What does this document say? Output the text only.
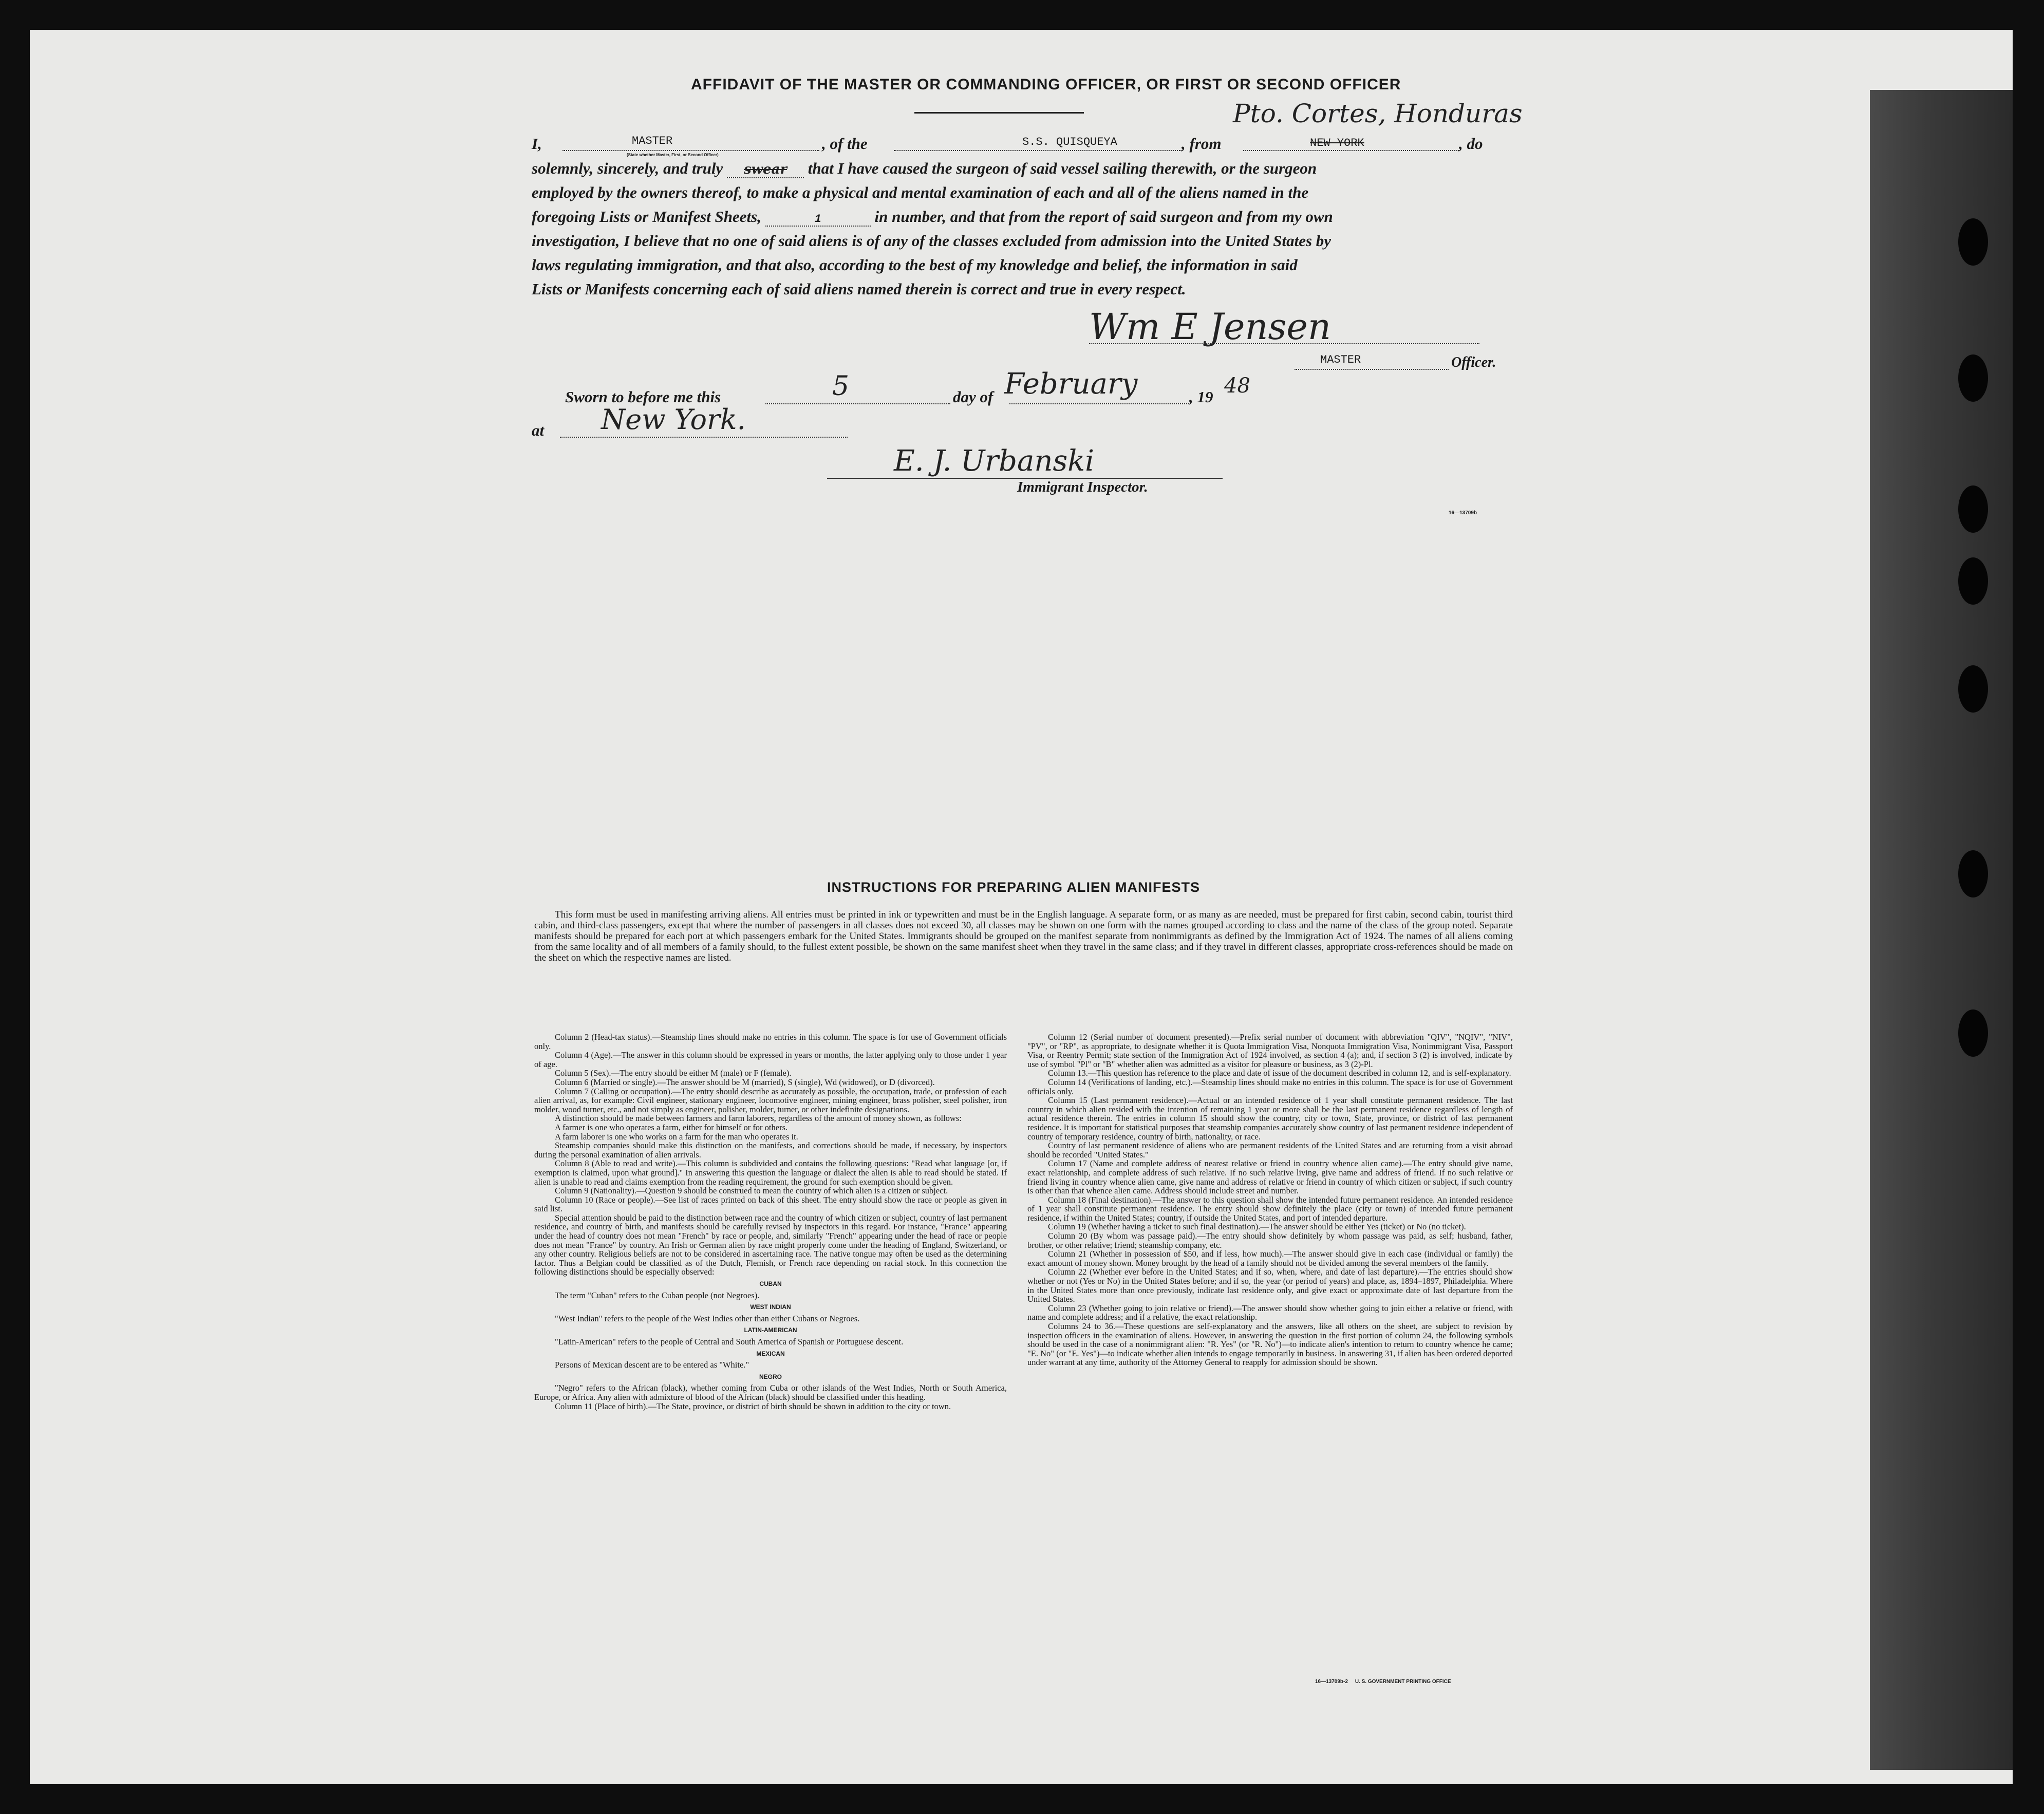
AFFIDAVIT OF THE MASTER OR COMMANDING OFFICER, OR FIRST OR SECOND OFFICER
I,	MASTER
(State whether Master, First, or Second Officer)
, of the	S.S. QUISQUEYA	, from	NEW YORK
Pto. Cortes, Honduras
, do
solemnly, sincerely, and truly swear that I have caused the surgeon of said vessel sailing therewith, or the surgeon
employed by the owners thereof, to make a physical and mental examination of each and all of the aliens named in the
foregoing Lists or Manifest Sheets,	1	in number, and that from the report of said surgeon and from my own
investigation, I believe that no one of said aliens is of any of the classes excluded from admission into the United States by
laws regulating immigration, and that also, according to the best of my knowledge and belief, the information in said
Lists or Manifests concerning each of said aliens named therein is correct and true in every respect.
Wm E Jensen
MASTER	Officer.
Sworn to before me this	5	day of February	, 19 48
at New York.
E. J. Urbanski
Immigrant Inspector.
16—13709b
INSTRUCTIONS FOR PREPARING ALIEN MANIFESTS

This form must be used in manifesting arriving aliens. All entries must be printed in ink or typewritten and must be in the English language. A separate form, or as many as are needed, must be prepared for first cabin, second cabin, tourist third cabin, and third-class passengers, except that where the number of passengers in all classes does not exceed 30, all classes may be shown on one form with the names grouped according to class and the name of the class of the group noted. Separate manifests should be prepared for each port at which passengers embark for the United States. Immigrants should be grouped on the manifest separate from nonimmigrants as defined by the Immigration Act of 1924. The names of all aliens coming from the same locality and of all members of a family should, to the fullest extent possible, be shown on the same manifest sheet when they travel in the same class; and if they travel in different classes, appropriate cross-references should be made on the sheet on which the respective names are listed.

Column 2 (Head-tax status).—Steamship lines should make no entries in this column. The space is for use of Government officials only.

Column 4 (Age).—The answer in this column should be expressed in years or months, the latter applying only to those under 1 year of age.

Column 5 (Sex).—The entry should be either M (male) or F (female).

Column 6 (Married or single).—The answer should be M (married), S (single), Wd (widowed), or D (divorced).

Column 7 (Calling or occupation).—The entry should describe as accurately as possible, the occupation, trade, or profession of each alien arrival, as, for example: Civil engineer, stationary engineer, locomotive engineer, mining engineer, brass polisher, steel polisher, iron molder, wood turner, etc., and not simply as engineer, polisher, molder, turner, or other indefinite designations.

A distinction should be made between farmers and farm laborers, regardless of the amount of money shown, as follows:

A farmer is one who operates a farm, either for himself or for others.

A farm laborer is one who works on a farm for the man who operates it.

Steamship companies should make this distinction on the manifests, and corrections should be made, if necessary, by inspectors during the personal examination of alien arrivals.

Column 8 (Able to read and write).—This column is subdivided and contains the following questions: "Read what language [or, if exemption is claimed, upon what ground]." In answering this question the language or dialect the alien is able to read should be stated. If alien is unable to read and claims exemption from the reading requirement, the ground for such exemption should be given.

Column 9 (Nationality).—Question 9 should be construed to mean the country of which alien is a citizen or subject.

Column 10 (Race or people).—See list of races printed on back of this sheet. The entry should show the race or people as given in said list.

Special attention should be paid to the distinction between race and the country of which citizen or subject, country of last permanent residence, and country of birth, and manifests should be carefully revised by inspectors in this regard. For instance, "France" appearing under the head of country does not mean "French" by race or people, and, similarly "French" appearing under the head of race or people does not mean "France" by country. An Irish or German alien by race might properly come under the heading of England, Switzerland, or any other country. Religious beliefs are not to be considered in ascertaining race. The native tongue may often be used as the determining factor. Thus a Belgian could be classified as of the Dutch, Flemish, or French race depending on racial stock. In this connection the following distinctions should be especially observed:

CUBAN

The term "Cuban" refers to the Cuban people (not Negroes).

WEST INDIAN

"West Indian" refers to the people of the West Indies other than either Cubans or Negroes.

LATIN-AMERICAN

"Latin-American" refers to the people of Central and South America of Spanish or Portuguese descent.

MEXICAN

Persons of Mexican descent are to be entered as "White."

NEGRO

"Negro" refers to the African (black), whether coming from Cuba or other islands of the West Indies, North or South America, Europe, or Africa. Any alien with admixture of blood of the African (black) should be classified under this heading.

Column 11 (Place of birth).—The State, province, or district of birth should be shown in addition to the city or town.

Column 12 (Serial number of document presented).—Prefix serial number of document with abbreviation "QIV", "NQIV", "NIV", "PV", or "RP", as appropriate, to designate whether it is Quota Immigration Visa, Nonquota Immigration Visa, Nonimmigrant Visa, Passport Visa, or Reentry Permit; state section of the Immigration Act of 1924 involved, as section 4 (a); and, if section 3 (2) is involved, indicate by use of symbol "Pl" or "B" whether alien was admitted as a visitor for pleasure or business, as 3 (2)-Pl.

Column 13.—This question has reference to the place and date of issue of the document described in column 12, and is self-explanatory.

Column 14 (Verifications of landing, etc.).—Steamship lines should make no entries in this column. The space is for use of Government officials only.

Column 15 (Last permanent residence).—Actual or an intended residence of 1 year shall constitute permanent residence. The last country in which alien resided with the intention of remaining 1 year or more shall be the last permanent residence regardless of length of actual residence therein. The entries in column 15 should show the country, city or town, State, province, or district of last permanent residence. It is important for statistical purposes that steamship companies accurately show country of last permanent residence independent of country of temporary residence, country of birth, nationality, or race.

Country of last permanent residence of aliens who are permanent residents of the United States and are returning from a visit abroad should be recorded "United States."

Column 17 (Name and complete address of nearest relative or friend in country whence alien came).—The entry should give name, exact relationship, and complete address of such relative. If no such relative living, give name and address of friend. If no such relative or friend living in country whence alien came, give name and address of relative or friend in country of which citizen or subject, if such country is other than that whence alien came. Address should include street and number.

Column 18 (Final destination).—The answer to this question shall show the intended future permanent residence. An intended residence of 1 year shall constitute permanent residence. The entry should show definitely the place (city or town) of intended future permanent residence, if within the United States; country, if outside the United States, and port of intended departure.

Column 19 (Whether having a ticket to such final destination).—The answer should be either Yes (ticket) or No (no ticket).

Column 20 (By whom was passage paid).—The entry should show definitely by whom passage was paid, as self; husband, father, brother, or other relative; friend; steamship company, etc.

Column 21 (Whether in possession of $50, and if less, how much).—The answer should give in each case (individual or family) the exact amount of money shown. Money brought by the head of a family should not be divided among the several members of the family.

Column 22 (Whether ever before in the United States; and if so, when, where, and date of last departure).—The entries should show whether or not (Yes or No) in the United States before; and if so, the year (or period of years) and place, as, 1894–1897, Philadelphia. Where in the United States more than once previously, indicate last residence only, and give exact or approximate date of last departure from the United States.

Column 23 (Whether going to join relative or friend).—The answer should show whether going to join either a relative or friend, with name and complete address; and if a relative, the exact relationship.

Columns 24 to 36.—These questions are self-explanatory and the answers, like all others on the sheet, are subject to revision by inspection officers in the examination of aliens. However, in answering the question in the first portion of column 24, the following symbols should be used in the case of a nonimmigrant alien: "R. Yes" (or "R. No")—to indicate alien's intention to return to country whence he came; "E. No" (or "E. Yes")—to indicate whether alien intends to engage temporarily in business. In answering 31, if alien has been ordered deported under warrant at any time, authority of the Attorney General to reapply for admission should be shown.

16—13709b-2     U. S. GOVERNMENT PRINTING OFFICE
